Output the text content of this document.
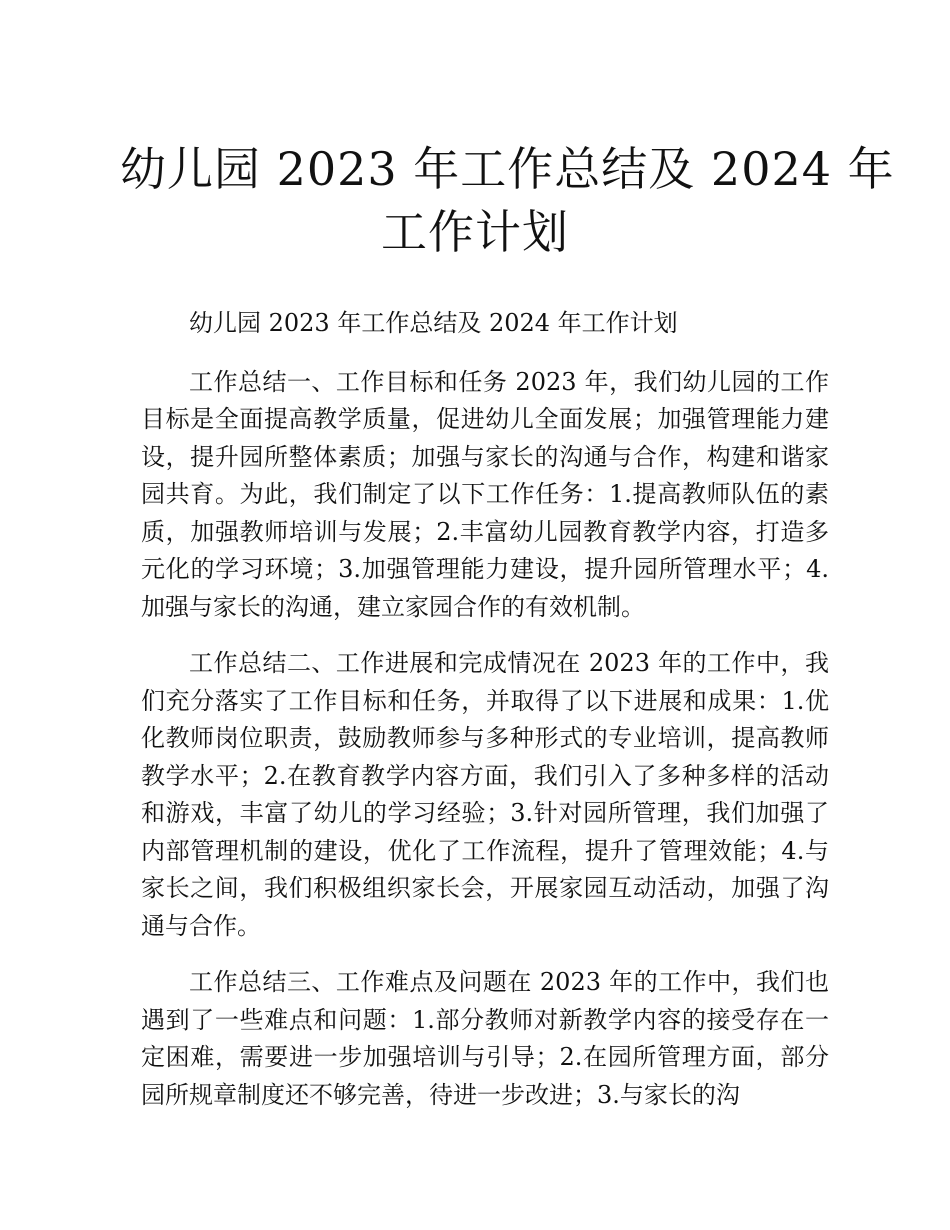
幼儿园 2023 年工作总结及 2024 年
工作计划

幼儿园 2023 年工作总结及 2024 年工作计划

工作总结一、工作目标和任务 2023 年，我们幼儿园的工作目标是全面提高教学质量，促进幼儿全面发展；加强管理能力建设，提升园所整体素质；加强与家长的沟通与合作，构建和谐家园共育。为此，我们制定了以下工作任务：1.提高教师队伍的素质，加强教师培训与发展；2.丰富幼儿园教育教学内容，打造多元化的学习环境；3.加强管理能力建设，提升园所管理水平；4.加强与家长的沟通，建立家园合作的有效机制。

工作总结二、工作进展和完成情况在 2023 年的工作中，我们充分落实了工作目标和任务，并取得了以下进展和成果：1.优化教师岗位职责，鼓励教师参与多种形式的专业培训，提高教师教学水平；2.在教育教学内容方面，我们引入了多种多样的活动和游戏，丰富了幼儿的学习经验；3.针对园所管理，我们加强了内部管理机制的建设，优化了工作流程，提升了管理效能；4.与家长之间，我们积极组织家长会，开展家园互动活动，加强了沟通与合作。

工作总结三、工作难点及问题在 2023 年的工作中，我们也遇到了一些难点和问题：1.部分教师对新教学内容的接受存在一定困难，需要进一步加强培训与引导；2.在园所管理方面，部分园所规章制度还不够完善，待进一步改进；3.与家长的沟
